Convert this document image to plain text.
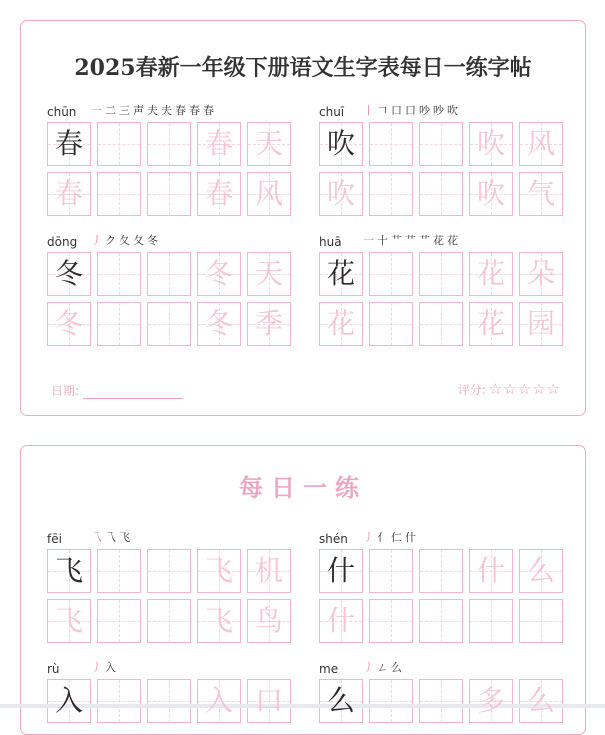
2025春新一年级下册语文生字表每日一练字帖
chūn 一 二 三 声 夫 夫 春 春 春
春	春 天
春	春 风
chuī 丨 𠃍 口 口 吵 吵 吹
吹	吹 风
吹	吹 气
dōng 丿 ク 夂 夂 冬
冬	冬 天
冬	冬 季
huā 一 十 艹 艹 艹 花 花
花	花 朵
花	花 园
日期:	评分: ☆☆☆☆☆
每日一练
fēi	乁 乁 飞
飞	飞 机
飞	飞 鸟
shén 丿 亻 仁 什
什	什 么
什
rù	丿 入
入	入 口
me 丿 ㄥ 么
么	多 么
